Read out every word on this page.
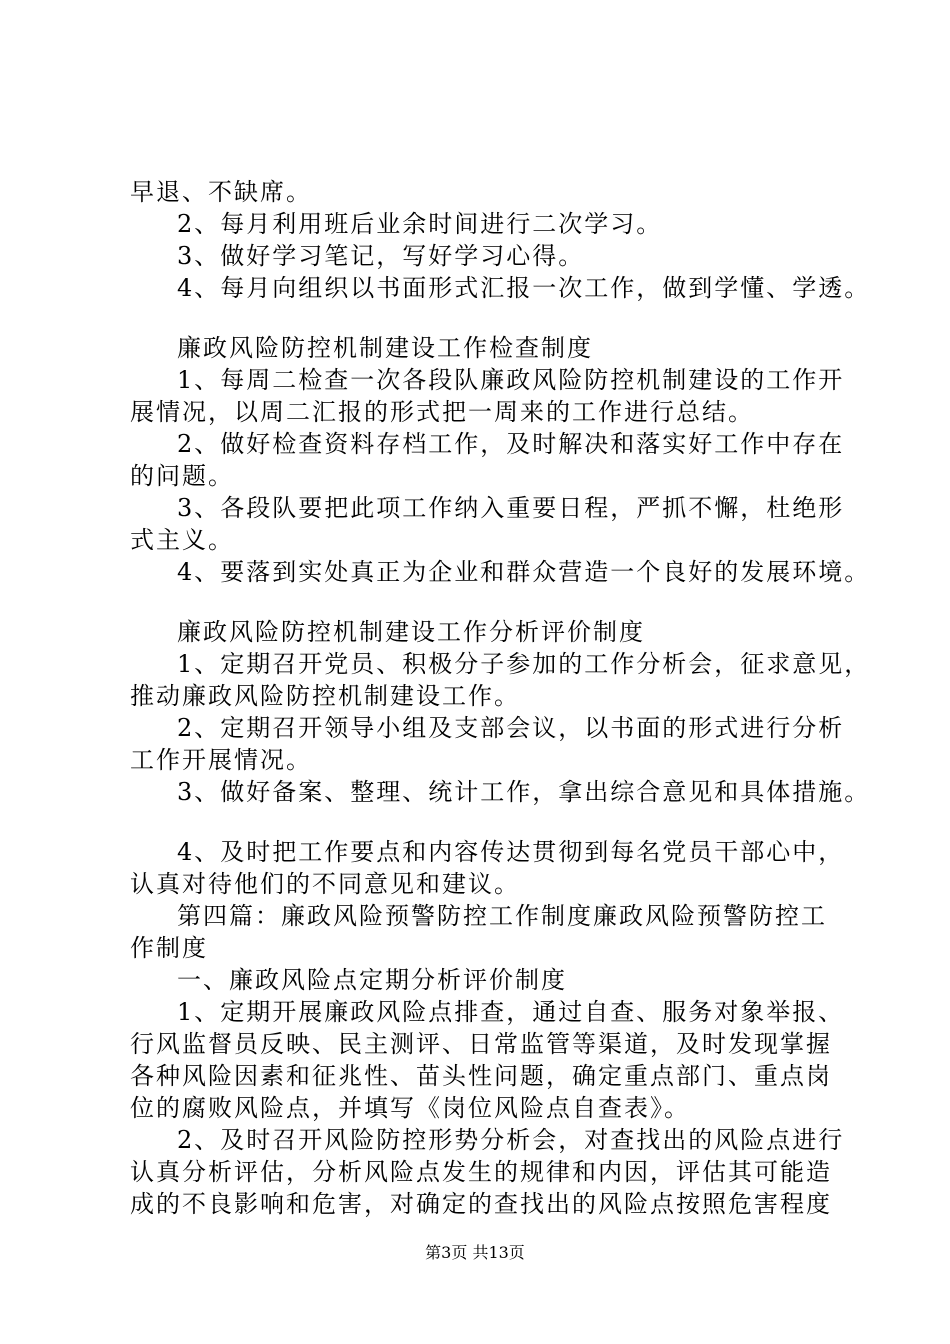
早退、不缺席。
2、每月利用班后业余时间进行二次学习。
3、做好学习笔记，写好学习心得。
4、每月向组织以书面形式汇报一次工作，做到学懂、学透。
廉政风险防控机制建设工作检查制度
1、每周二检查一次各段队廉政风险防控机制建设的工作开
展情况，以周二汇报的形式把一周来的工作进行总结。
2、做好检查资料存档工作，及时解决和落实好工作中存在
的问题。
3、各段队要把此项工作纳入重要日程，严抓不懈，杜绝形
式主义。
4、要落到实处真正为企业和群众营造一个良好的发展环境。
廉政风险防控机制建设工作分析评价制度
1、定期召开党员、积极分子参加的工作分析会，征求意见，
推动廉政风险防控机制建设工作。
2、定期召开领导小组及支部会议，以书面的形式进行分析
工作开展情况。
3、做好备案、整理、统计工作，拿出综合意见和具体措施。
4、及时把工作要点和内容传达贯彻到每名党员干部心中，
认真对待他们的不同意见和建议。
第四篇：廉政风险预警防控工作制度廉政风险预警防控工
作制度
一、廉政风险点定期分析评价制度
1、定期开展廉政风险点排查，通过自查、服务对象举报、
行风监督员反映、民主测评、日常监管等渠道，及时发现掌握
各种风险因素和征兆性、苗头性问题，确定重点部门、重点岗
位的腐败风险点，并填写《岗位风险点自查表》。
2、及时召开风险防控形势分析会，对查找出的风险点进行
认真分析评估，分析风险点发生的规律和内因，评估其可能造
成的不良影响和危害，对确定的查找出的风险点按照危害程度
第3页 共13页
